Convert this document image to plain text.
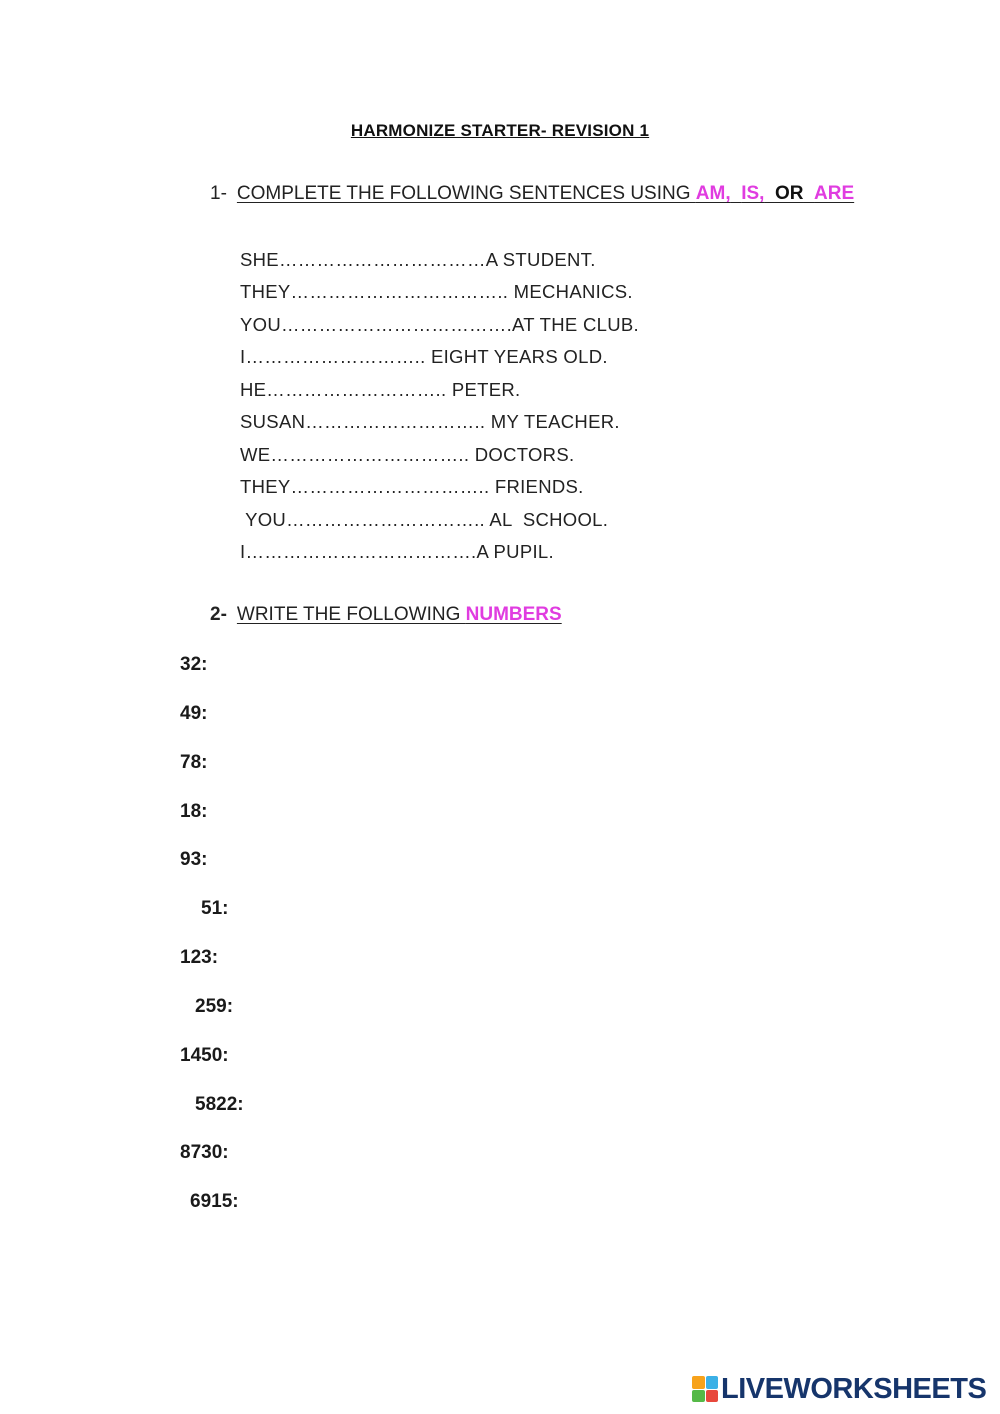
HARMONIZE STARTER- REVISION 1
1- COMPLETE THE FOLLOWING SENTENCES USING AM, IS, OR ARE
SHE……………………………A STUDENT.
THEY…………………………….. MECHANICS.
YOU……………………………….AT THE CLUB.
I……………………….. EIGHT YEARS OLD.
HE……………………….. PETER.
SUSAN……………………….. MY TEACHER.
WE………………………….. DOCTORS.
THEY………………………….. FRIENDS.
YOU………………………….. AL  SCHOOL.
I……………………………….A PUPIL.
2- WRITE THE FOLLOWING NUMBERS
32:
49:
78:
18:
93:
51:
123:
259:
1450:
5822:
8730:
6915:
LIVEWORKSHEETS
